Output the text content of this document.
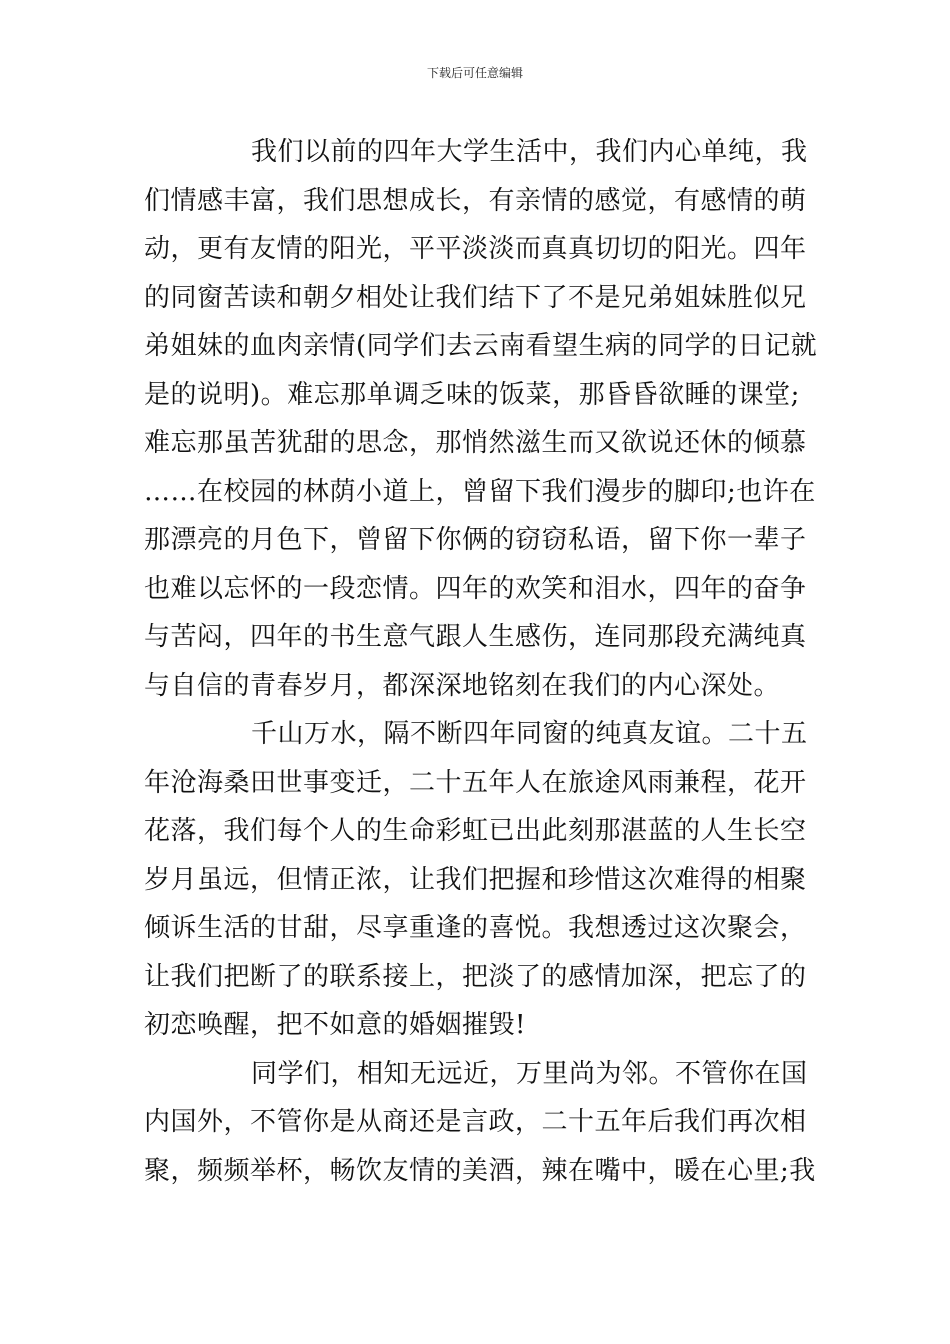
下载后可任意编辑
我们以前的四年大学生活中，我们内心单纯，我
们情感丰富，我们思想成长，有亲情的感觉，有感情的萌
动，更有友情的阳光，平平淡淡而真真切切的阳光。四年
的同窗苦读和朝夕相处让我们结下了不是兄弟姐妹胜似兄
弟姐妹的血肉亲情(同学们去云南看望生病的同学的日记就
是的说明)。难忘那单调乏味的饭菜，那昏昏欲睡的课堂;
难忘那虽苦犹甜的思念，那悄然滋生而又欲说还休的倾慕
……在校园的林荫小道上，曾留下我们漫步的脚印;也许在
那漂亮的月色下，曾留下你俩的窃窃私语，留下你一辈子
也难以忘怀的一段恋情。四年的欢笑和泪水，四年的奋争
与苦闷，四年的书生意气跟人生感伤，连同那段充满纯真
与自信的青春岁月，都深深地铭刻在我们的内心深处。
千山万水，隔不断四年同窗的纯真友谊。二十五
年沧海桑田世事变迁，二十五年人在旅途风雨兼程，花开
花落，我们每个人的生命彩虹已出此刻那湛蓝的人生长空
岁月虽远，但情正浓，让我们把握和珍惜这次难得的相聚
倾诉生活的甘甜，尽享重逢的喜悦。我想透过这次聚会，
让我们把断了的联系接上，把淡了的感情加深，把忘了的
初恋唤醒，把不如意的婚姻摧毁!
同学们，相知无远近，万里尚为邻。不管你在国
内国外，不管你是从商还是言政，二十五年后我们再次相
聚，频频举杯，畅饮友情的美酒，辣在嘴中，暖在心里;我
